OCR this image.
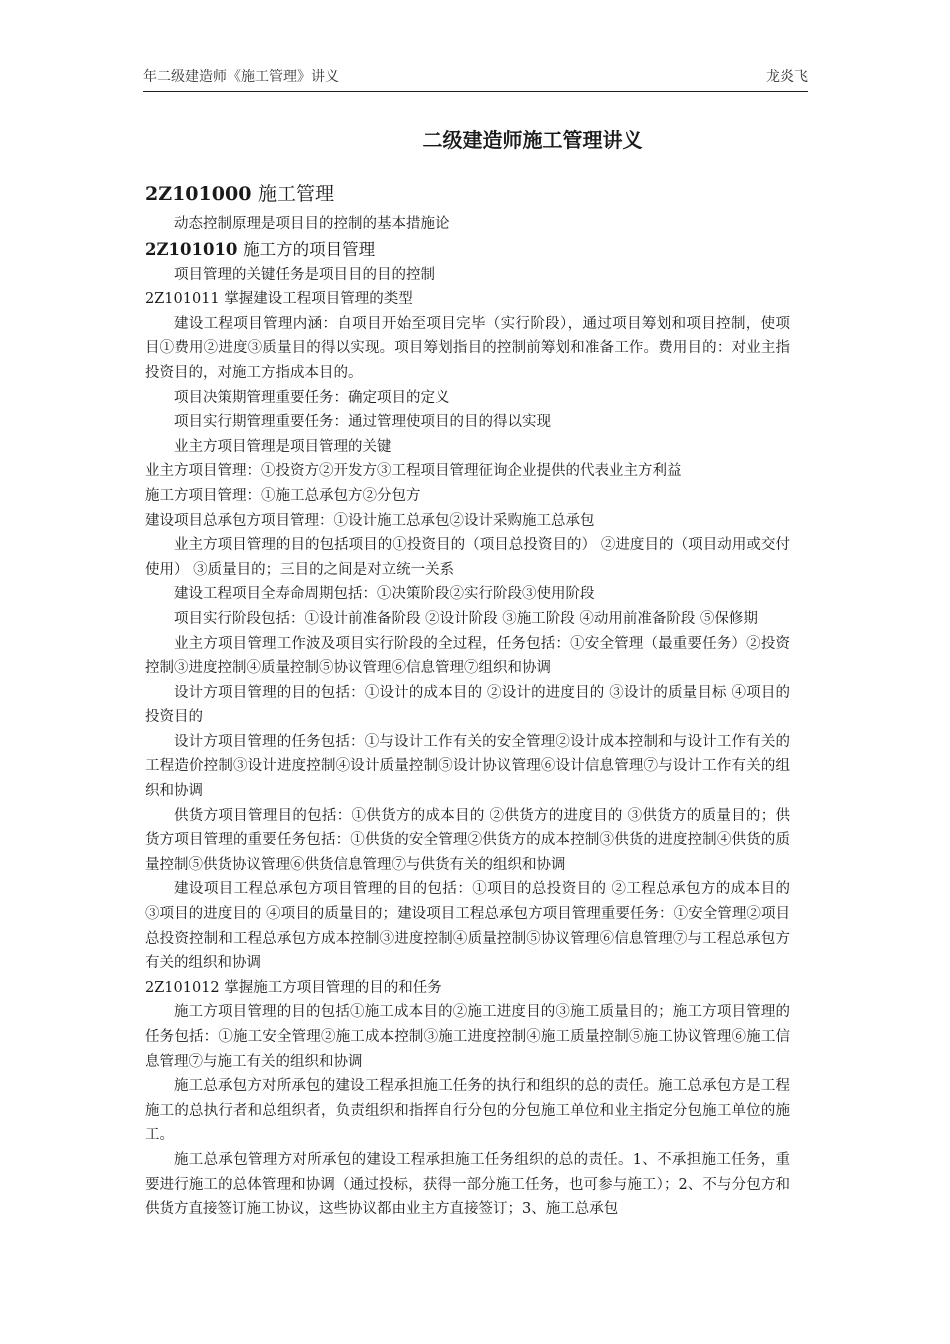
年二级建造师《施工管理》讲义	龙炎飞
二级建造师施工管理讲义
2Z101000 施工管理

动态控制原理是项目目的控制的基本措施论

2Z101010 施工方的项目管理

项目管理的关键任务是项目目的目的控制

2Z101011 掌握建设工程项目管理的类型

建设工程项目管理内涵：自项目开始至项目完毕（实行阶段），通过项目筹划和项目控制，使项目①费用②进度③质量目的得以实现。项目筹划指目的控制前筹划和准备工作。费用目的：对业主指投资目的，对施工方指成本目的。

项目决策期管理重要任务：确定项目的定义

项目实行期管理重要任务：通过管理使项目的目的得以实现

业主方项目管理是项目管理的关键

业主方项目管理：①投资方②开发方③工程项目管理征询企业提供的代表业主方利益

施工方项目管理：①施工总承包方②分包方

建设项目总承包方项目管理：①设计施工总承包②设计采购施工总承包

业主方项目管理的目的包括项目的①投资目的（项目总投资目的） ②进度目的（项目动用或交付使用） ③质量目的；三目的之间是对立统一关系

建设工程项目全寿命周期包括：①决策阶段②实行阶段③使用阶段

项目实行阶段包括：①设计前准备阶段 ②设计阶段 ③施工阶段 ④动用前准备阶段 ⑤保修期

业主方项目管理工作波及项目实行阶段的全过程，任务包括：①安全管理（最重要任务）②投资控制③进度控制④质量控制⑤协议管理⑥信息管理⑦组织和协调

设计方项目管理的目的包括：①设计的成本目的 ②设计的进度目的 ③设计的质量目标 ④项目的投资目的

设计方项目管理的任务包括：①与设计工作有关的安全管理②设计成本控制和与设计工作有关的工程造价控制③设计进度控制④设计质量控制⑤设计协议管理⑥设计信息管理⑦与设计工作有关的组织和协调

供货方项目管理目的包括：①供货方的成本目的 ②供货方的进度目的 ③供货方的质量目的；供货方项目管理的重要任务包括：①供货的安全管理②供货方的成本控制③供货的进度控制④供货的质量控制⑤供货协议管理⑥供货信息管理⑦与供货有关的组织和协调

建设项目工程总承包方项目管理的目的包括：①项目的总投资目的 ②工程总承包方的成本目的 ③项目的进度目的 ④项目的质量目的；建设项目工程总承包方项目管理重要任务：①安全管理②项目总投资控制和工程总承包方成本控制③进度控制④质量控制⑤协议管理⑥信息管理⑦与工程总承包方有关的组织和协调

2Z101012 掌握施工方项目管理的目的和任务

施工方项目管理的目的包括①施工成本目的②施工进度目的③施工质量目的；施工方项目管理的任务包括：①施工安全管理②施工成本控制③施工进度控制④施工质量控制⑤施工协议管理⑥施工信息管理⑦与施工有关的组织和协调

施工总承包方对所承包的建设工程承担施工任务的执行和组织的总的责任。施工总承包方是工程施工的总执行者和总组织者，负责组织和指挥自行分包的分包施工单位和业主指定分包施工单位的施工。

施工总承包管理方对所承包的建设工程承担施工任务组织的总的责任。1、不承担施工任务，重要进行施工的总体管理和协调（通过投标，获得一部分施工任务，也可参与施工）；2、不与分包方和供货方直接签订施工协议，这些协议都由业主方直接签订；3、施工总承包
